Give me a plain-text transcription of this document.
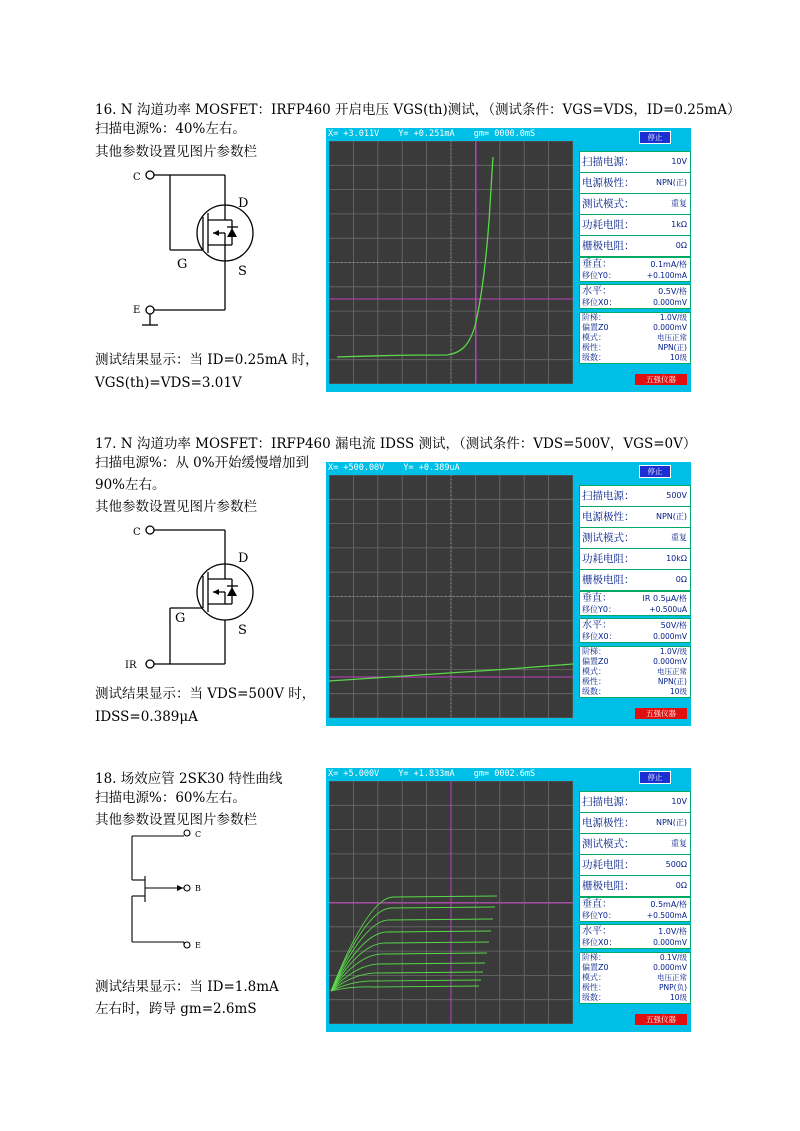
16. N 沟道功率 MOSFET：IRFP460 开启电压 VGS(th)测试，（测试条件：VGS=VDS，ID=0.25mA）
扫描电源%：40%左右。
其他参数设置见图片参数栏
C
D
G	S
E
测试结果显示：当 ID=0.25mA 时，
VGS(th)=VDS=3.01V
X= +3.011V Y= +0.251mA gm= 0000.0mS	停止
扫描电源：	10V
电源极性：	NPN(正)
测试模式：	重复
功耗电阻：	1kΩ
栅极电阻：	0Ω
垂直：	0.1mA/格
移位Y0：	+0.100mA
水平：	0.5V/格
移位X0：	0.000mV
阶梯：	1.0V/级
偏置Z0	0.000mV
模式：	电压正常
极性：	NPN(正)
级数：	10级
五强仪器
17. N 沟道功率 MOSFET：IRFP460 漏电流 IDSS 测试，（测试条件：VDS=500V，VGS=0V）
扫描电源%：从 0%开始缓慢增加到
90%左右。
其他参数设置见图片参数栏
C
D
G
S
IR
测试结果显示：当 VDS=500V 时，
IDSS=0.389μA
X= +500.00V Y= +0.389uA	停止
扫描电源：	500V
电源极性：	NPN(正)
测试模式：	重复
功耗电阻：	10kΩ
栅极电阻：	0Ω
垂直：	IR 0.5μA/格
移位Y0：	+0.500uA
水平：	50V/格
移位X0：	0.000mV
阶梯：	1.0V/级
偏置Z0	0.000mV
模式：	电压正常
极性：	NPN(正)
级数：	10级
五强仪器
18. 场效应管 2SK30 特性曲线
扫描电源%：60%左右。
其他参数设置见图片参数栏
C
B
E
测试结果显示：当 ID=1.8mA
左右时，跨导 gm=2.6mS
X= +5.000V Y= +1.833mA gm= 0002.6mS	停止
扫描电源：	10V
电源极性：	NPN(正)
测试模式：	重复
功耗电阻：	500Ω
栅极电阻：	0Ω
垂直：	0.5mA/格
移位Y0：	+0.500mA
水平：	1.0V/格
移位X0：	0.000mV
阶梯：	0.1V/级
偏置Z0	0.000mV
模式：	电压正常
极性：	PNP(负)
级数：	10级
五强仪器
